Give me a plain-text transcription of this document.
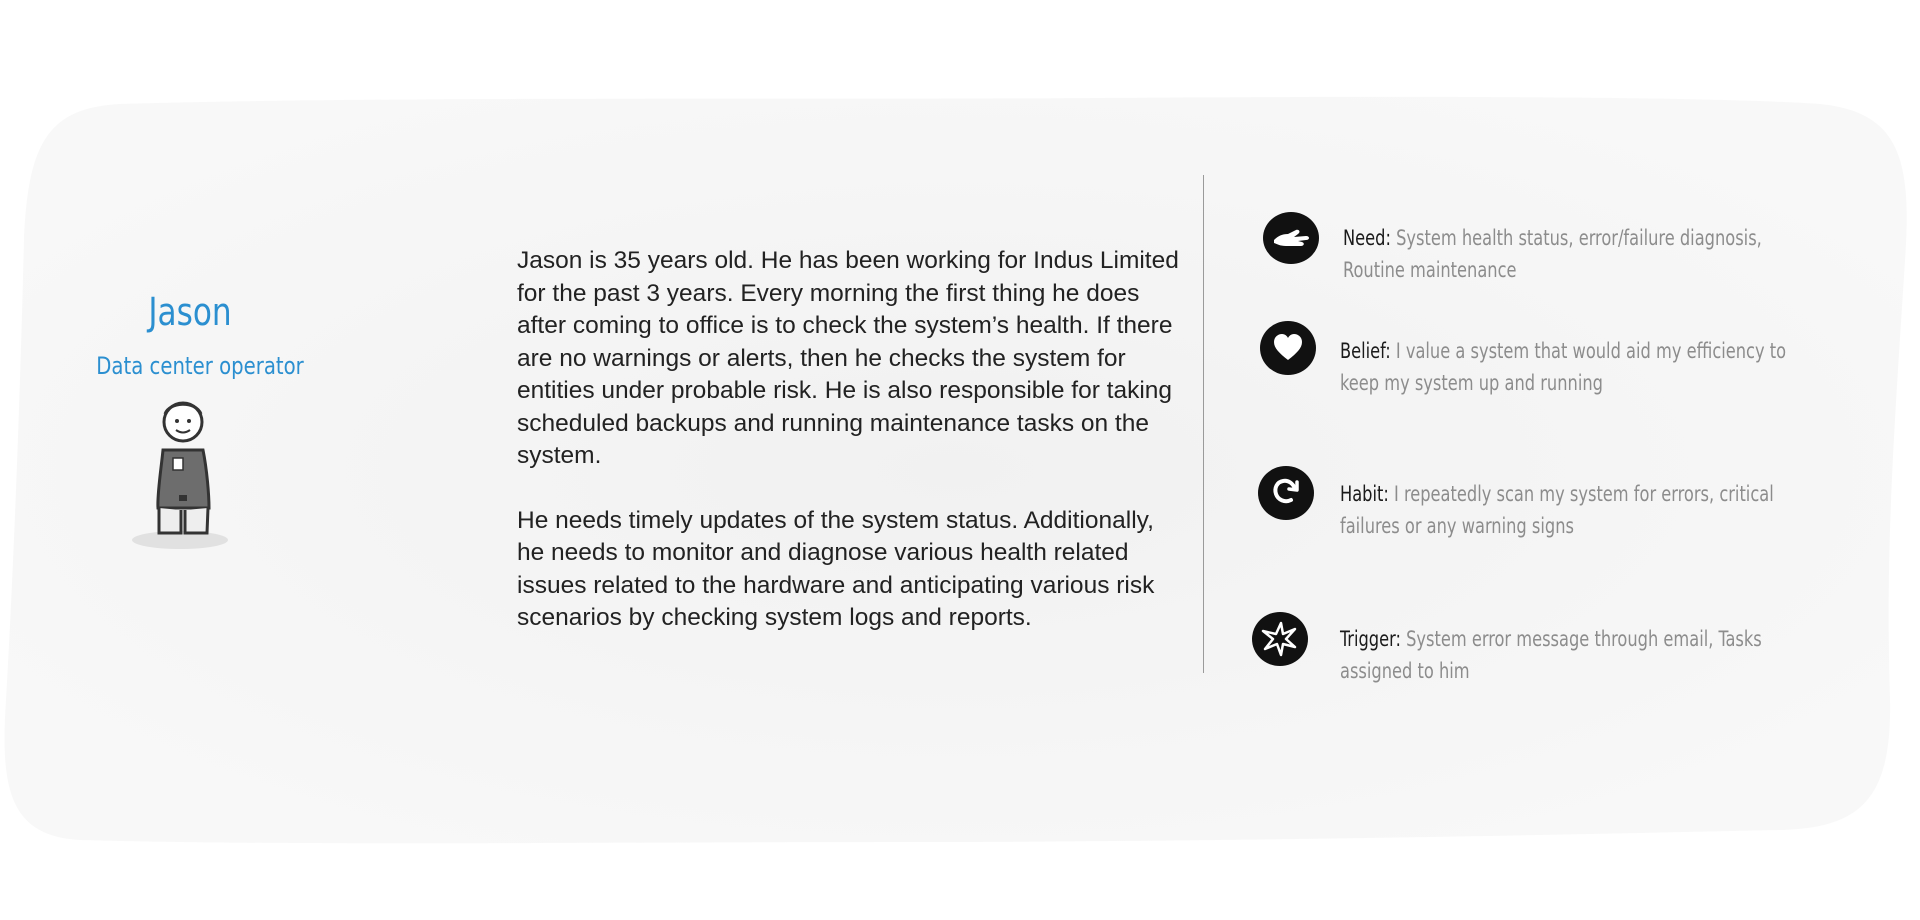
Jason
Data center operator

Jason is 35 years old. He has been working for Indus Limited for the past 3 years. Every morning the first thing he does after coming to office is to check the system’s health. If there are no warnings or alerts, then he checks the system for entities under probable risk. He is also responsible for taking scheduled backups and running maintenance tasks on the system.

He needs timely updates of the system status. Additionally, he needs to monitor and diagnose various health related issues related to the hardware and anticipating various risk scenarios by checking system logs and reports.

Need: System health status, error/failure diagnosis, Routine maintenance
Belief: I value a system that would aid my efficiency to keep my system up and running
Habit: I repeatedly scan my system for errors, critical failures or any warning signs
Trigger: System error message through email, Tasks assigned to him
